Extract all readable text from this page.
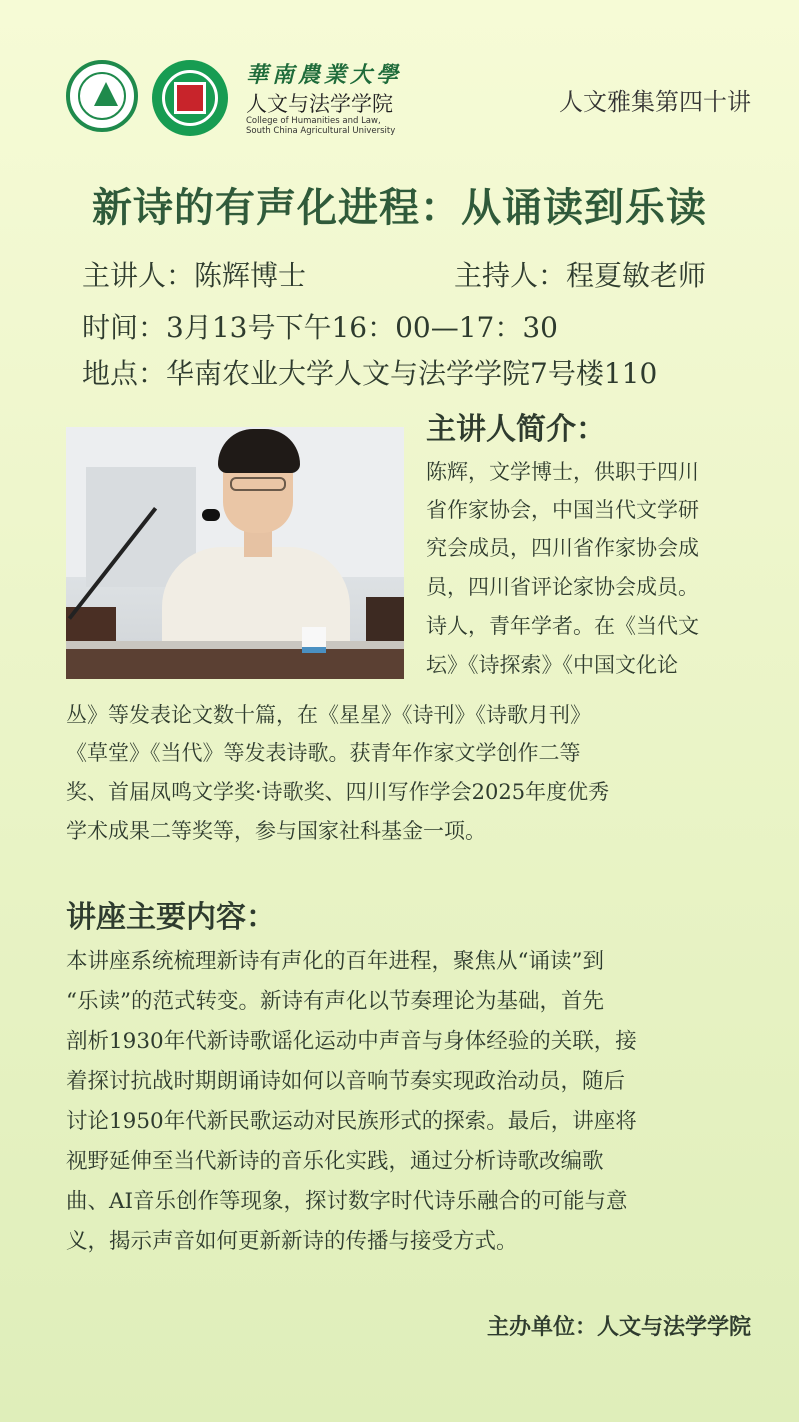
華南農業大學
人文与法学学院
College of Humanities and Law,
South China Agricultural University
人文雅集第四十讲
新诗的有声化进程：从诵读到乐读
主讲人：陈辉博士	主持人：程夏敏老师
时间：3月13号下午16：00—17：30
地点：华南农业大学人文与法学学院7号楼110
主讲人简介：
陈辉，文学博士，供职于四川
省作家协会，中国当代文学研
究会成员，四川省作家协会成
员，四川省评论家协会成员。
诗人，青年学者。在《当代文
坛》《诗探索》《中国文化论
丛》等发表论文数十篇，在《星星》《诗刊》《诗歌月刊》
《草堂》《当代》等发表诗歌。获青年作家文学创作二等
奖、首届凤鸣文学奖·诗歌奖、四川写作学会2025年度优秀
学术成果二等奖等，参与国家社科基金一项。
讲座主要内容：
本讲座系统梳理新诗有声化的百年进程，聚焦从“诵读”到
“乐读”的范式转变。新诗有声化以节奏理论为基础，首先
剖析1930年代新诗歌谣化运动中声音与身体经验的关联，接
着探讨抗战时期朗诵诗如何以音响节奏实现政治动员，随后
讨论1950年代新民歌运动对民族形式的探索。最后，讲座将
视野延伸至当代新诗的音乐化实践，通过分析诗歌改编歌
曲、AI音乐创作等现象，探讨数字时代诗乐融合的可能与意
义，揭示声音如何更新新诗的传播与接受方式。
主办单位：人文与法学学院
